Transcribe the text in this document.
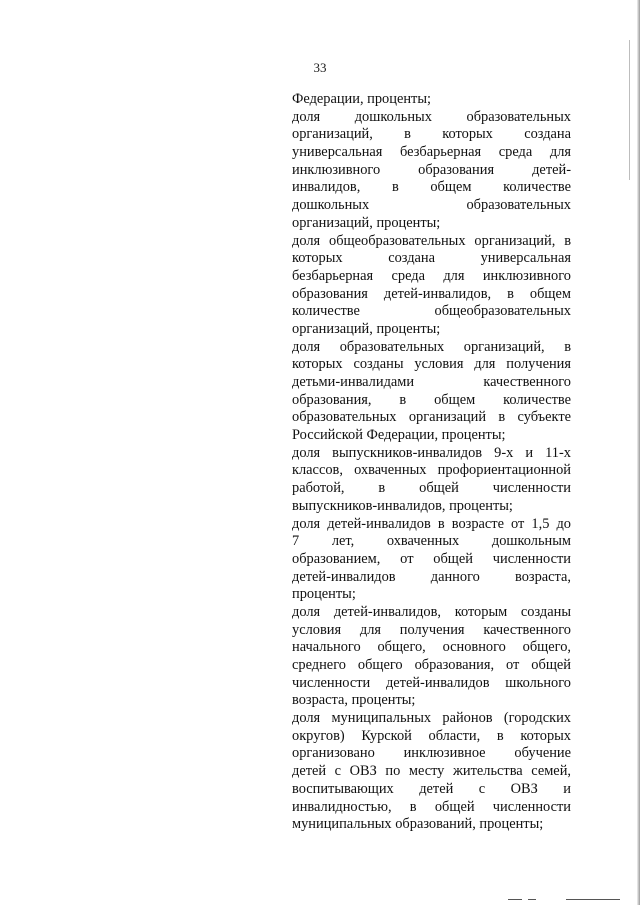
33
Федерации, проценты;
доля дошкольных образовательных
организаций, в которых создана
универсальная безбарьерная среда для
инклюзивного образования детей-
инвалидов, в общем количестве
дошкольных образовательных
организаций, проценты;
доля общеобразовательных организаций, в
которых создана универсальная
безбарьерная среда для инклюзивного
образования детей-инвалидов, в общем
количестве общеобразовательных
организаций, проценты;
доля образовательных организаций, в
которых созданы условия для получения
детьми-инвалидами качественного
образования, в общем количестве
образовательных организаций в субъекте
Российской Федерации, проценты;
доля выпускников-инвалидов 9-х и 11-х
классов, охваченных профориентационной
работой, в общей численности
выпускников-инвалидов, проценты;
доля детей-инвалидов в возрасте от 1,5 до
7 лет, охваченных дошкольным
образованием, от общей численности
детей-инвалидов данного возраста,
проценты;
доля детей-инвалидов, которым созданы
условия для получения качественного
начального общего, основного общего,
среднего общего образования, от общей
численности детей-инвалидов школьного
возраста, проценты;
доля муниципальных районов (городских
округов) Курской области, в которых
организовано инклюзивное обучение
детей с ОВЗ по месту жительства семей,
воспитывающих детей с ОВЗ и
инвалидностью, в общей численности
муниципальных образований, проценты;
